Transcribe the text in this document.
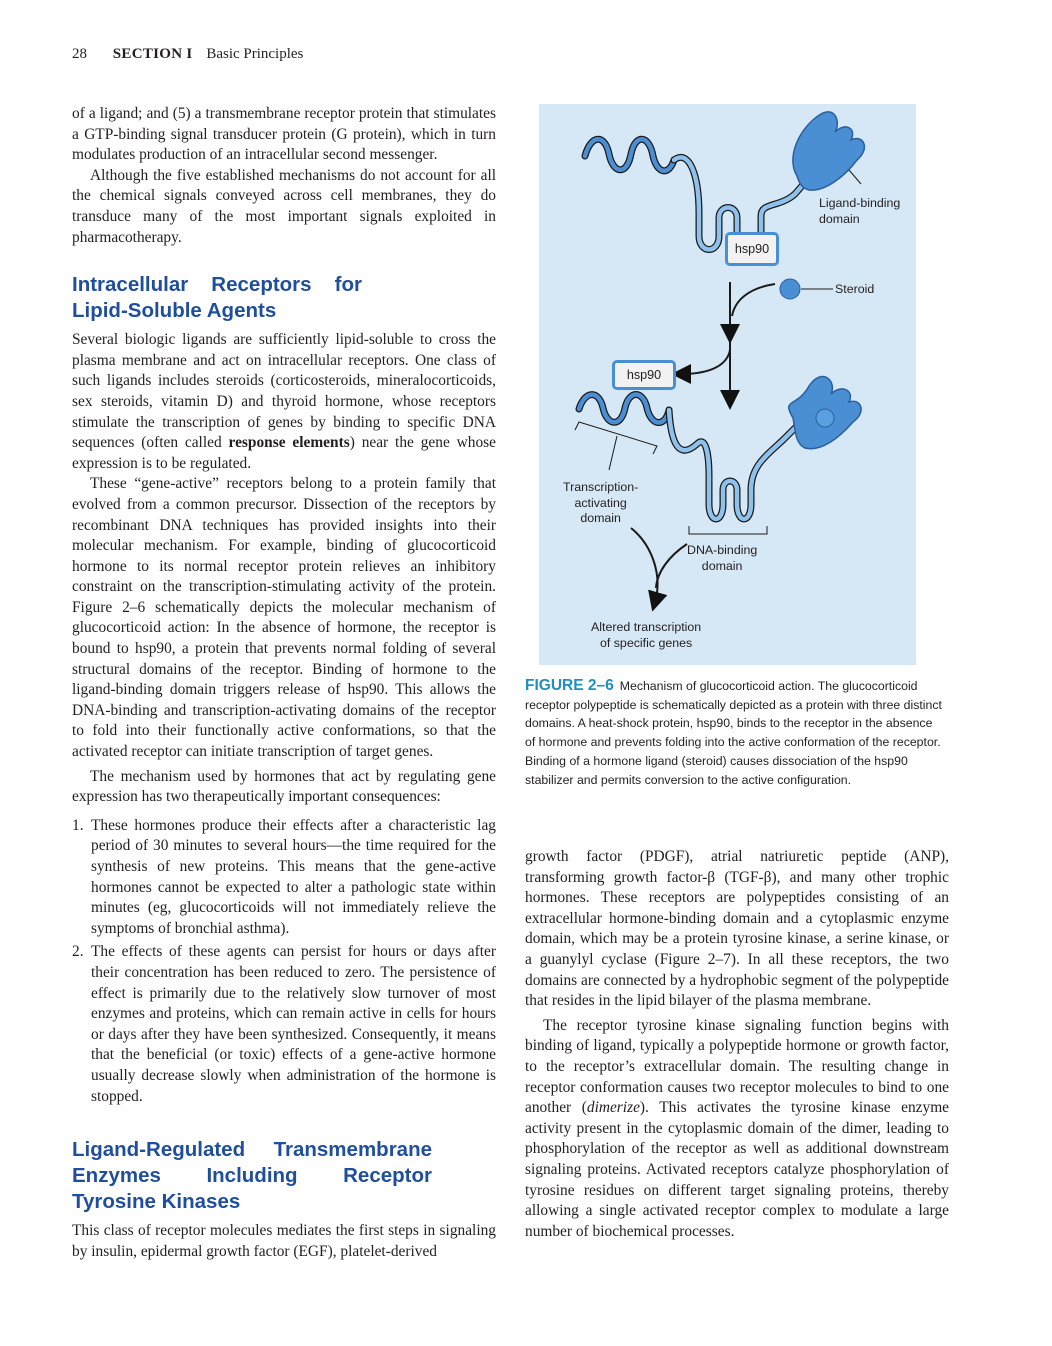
28 SECTION I Basic Principles

of a ligand; and (5) a transmembrane receptor protein that stimulates a GTP-binding signal transducer protein (G protein), which in turn modulates production of an intracellular second messenger.

Although the five established mechanisms do not account for all the chemical signals conveyed across cell membranes, they do transduce many of the most important signals exploited in pharmacotherapy.

Intracellular Receptors for Lipid-Soluble Agents

Several biologic ligands are sufficiently lipid-soluble to cross the plasma membrane and act on intracellular receptors. One class of such ligands includes steroids (corticosteroids, mineralocorticoids, sex steroids, vitamin D) and thyroid hormone, whose receptors stimulate the transcription of genes by binding to specific DNA sequences (often called response elements) near the gene whose expression is to be regulated.

These “gene-active” receptors belong to a protein family that evolved from a common precursor. Dissection of the receptors by recombinant DNA techniques has provided insights into their molecular mechanism. For example, binding of glucocorticoid hormone to its normal receptor protein relieves an inhibitory constraint on the transcription-stimulating activity of the protein. Figure 2–6 schematically depicts the molecular mechanism of glucocorticoid action: In the absence of hormone, the receptor is bound to hsp90, a protein that prevents normal folding of several structural domains of the receptor. Binding of hormone to the ligand-binding domain triggers release of hsp90. This allows the DNA-binding and transcription-activating domains of the receptor to fold into their functionally active conformations, so that the activated receptor can initiate transcription of target genes.

The mechanism used by hormones that act by regulating gene expression has two therapeutically important consequences:

1. These hormones produce their effects after a characteristic lag period of 30 minutes to several hours—the time required for the synthesis of new proteins. This means that the gene-active hormones cannot be expected to alter a pathologic state within minutes (eg, glucocorticoids will not immediately relieve the symptoms of bronchial asthma).
2. The effects of these agents can persist for hours or days after their concentration has been reduced to zero. The persistence of effect is primarily due to the relatively slow turnover of most enzymes and proteins, which can remain active in cells for hours or days after they have been synthesized. Consequently, it means that the beneficial (or toxic) effects of a gene-active hormone usually decrease slowly when administration of the hormone is stopped.
Ligand-Regulated Transmembrane Enzymes Including Receptor Tyrosine Kinases

This class of receptor molecules mediates the first steps in signaling by insulin, epidermal growth factor (EGF), platelet-derived

hsp90
hsp90
Ligand-binding
domain
Steroid
Transcription-
activating
domain
DNA-binding
domain
Altered transcription
of specific genes
FIGURE 2–6 Mechanism of glucocorticoid action. The glucocorticoid receptor polypeptide is schematically depicted as a protein with three distinct domains. A heat-shock protein, hsp90, binds to the receptor in the absence of hormone and prevents folding into the active conformation of the receptor. Binding of a hormone ligand (steroid) causes dissociation of the hsp90 stabilizer and permits conversion to the active configuration.

growth factor (PDGF), atrial natriuretic peptide (ANP), transforming growth factor-β (TGF-β), and many other trophic hormones. These receptors are polypeptides consisting of an extracellular hormone-binding domain and a cytoplasmic enzyme domain, which may be a protein tyrosine kinase, a serine kinase, or a guanylyl cyclase (Figure 2–7). In all these receptors, the two domains are connected by a hydrophobic segment of the polypeptide that resides in the lipid bilayer of the plasma membrane.

The receptor tyrosine kinase signaling function begins with binding of ligand, typically a polypeptide hormone or growth factor, to the receptor’s extracellular domain. The resulting change in receptor conformation causes two receptor molecules to bind to one another (dimerize). This activates the tyrosine kinase enzyme activity present in the cytoplasmic domain of the dimer, leading to phosphorylation of the receptor as well as additional downstream signaling proteins. Activated receptors catalyze phosphorylation of tyrosine residues on different target signaling proteins, thereby allowing a single activated receptor complex to modulate a large number of biochemical processes.
